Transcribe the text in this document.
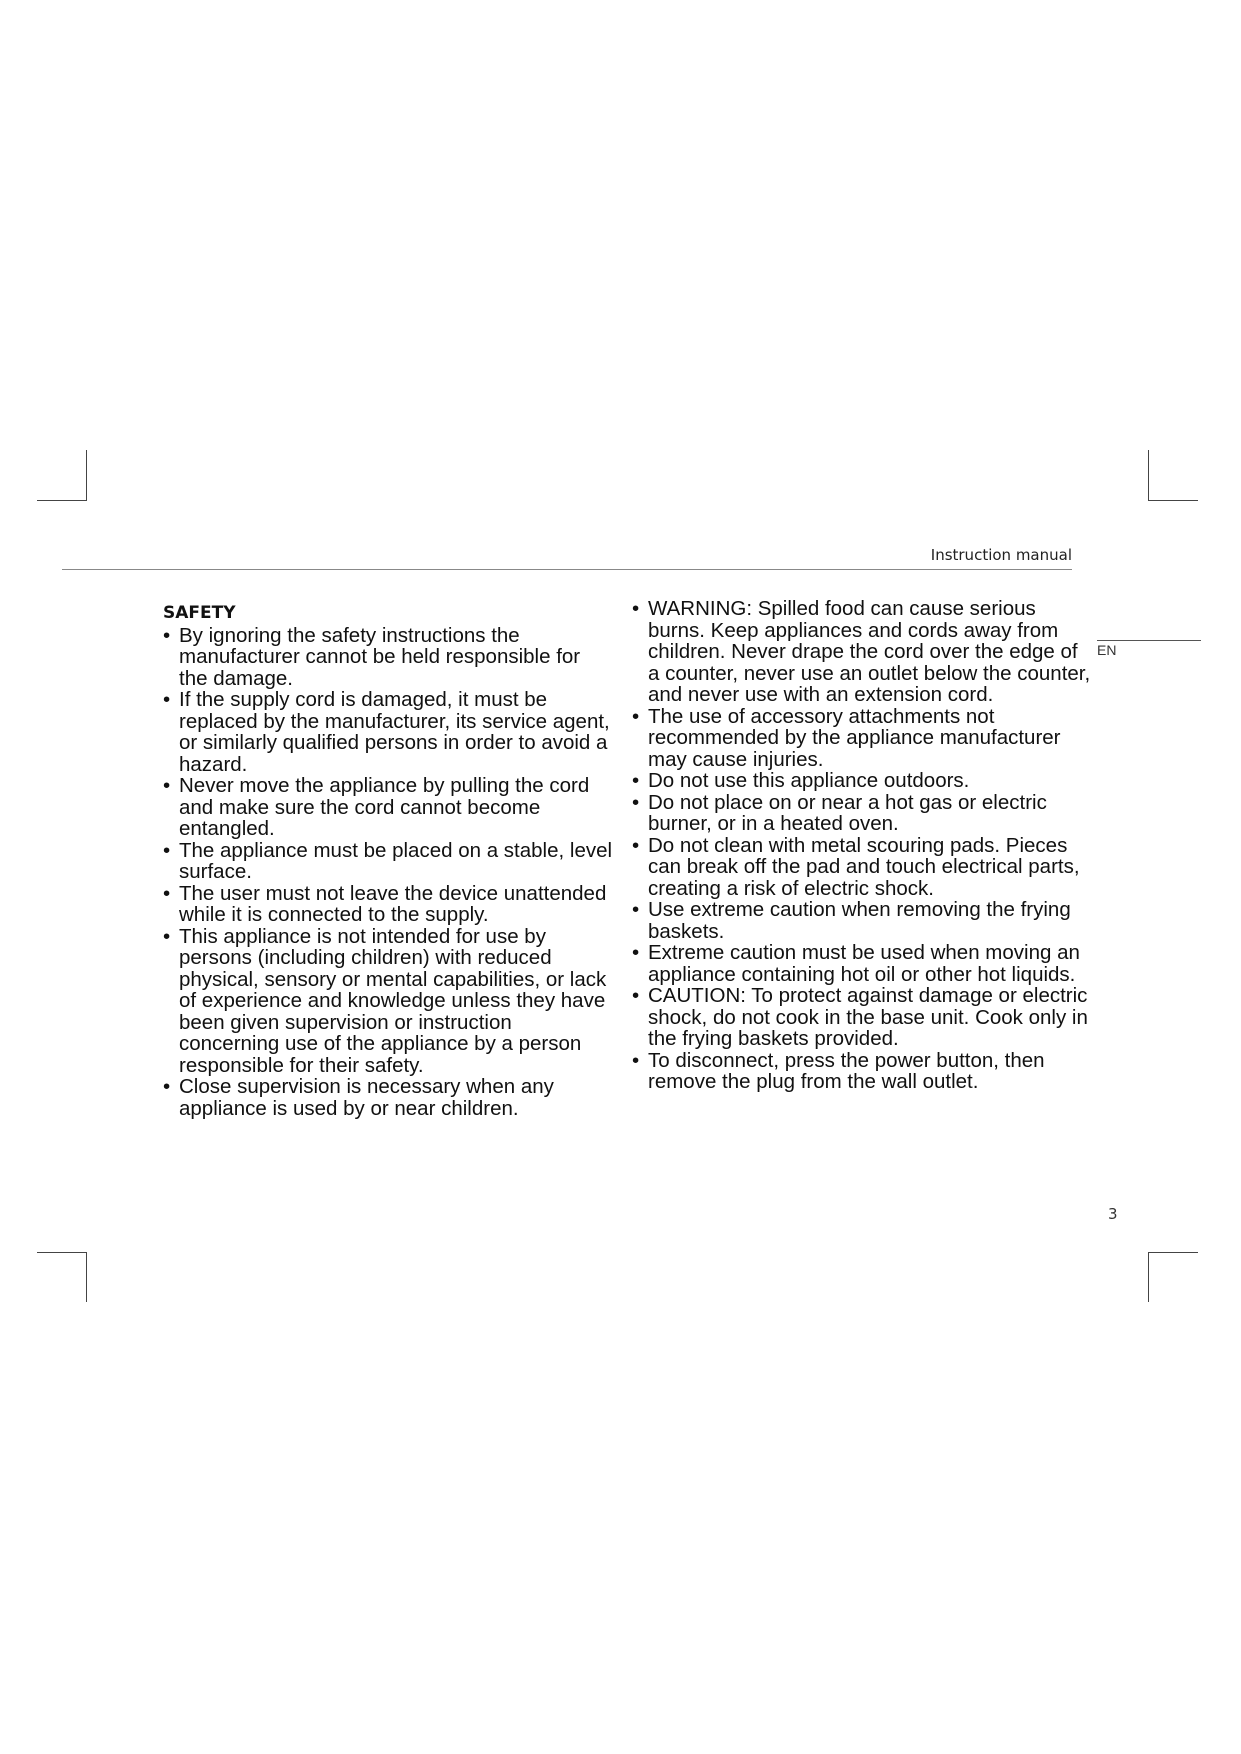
Instruction manual
SAFETY
• By ignoring the safety instructions the manufacturer cannot be held responsible for the damage.
• If the supply cord is damaged, it must be replaced by the manufacturer, its service agent, or similarly qualified persons in order to avoid a hazard.
• Never move the appliance by pulling the cord and make sure the cord cannot become entangled.
• The appliance must be placed on a stable, level surface.
• The user must not leave the device unattended while it is connected to the supply.
• This appliance is not intended for use by persons (including children) with reduced physical, sensory or mental capabilities, or lack of experience and knowledge unless they have been given supervision or instruction concerning use of the appliance by a person responsible for their safety.
• Close supervision is necessary when any appliance is used by or near children.
• WARNING: Spilled food can cause serious burns. Keep appliances and cords away from children. Never drape the cord over the edge of a counter, never use an outlet below the counter, and never use with an extension cord.
• The use of accessory attachments not recommended by the appliance manufacturer may cause injuries.
• Do not use this appliance outdoors.
• Do not place on or near a hot gas or electric burner, or in a heated oven.
• Do not clean with metal scouring pads. Pieces can break off the pad and touch electrical parts, creating a risk of electric shock.
• Use extreme caution when removing the frying baskets.
• Extreme caution must be used when moving an appliance containing hot oil or other hot liquids.
• CAUTION: To protect against damage or electric shock, do not cook in the base unit. Cook only in the frying baskets provided.
• To disconnect, press the power button, then remove the plug from the wall outlet.
EN
3
